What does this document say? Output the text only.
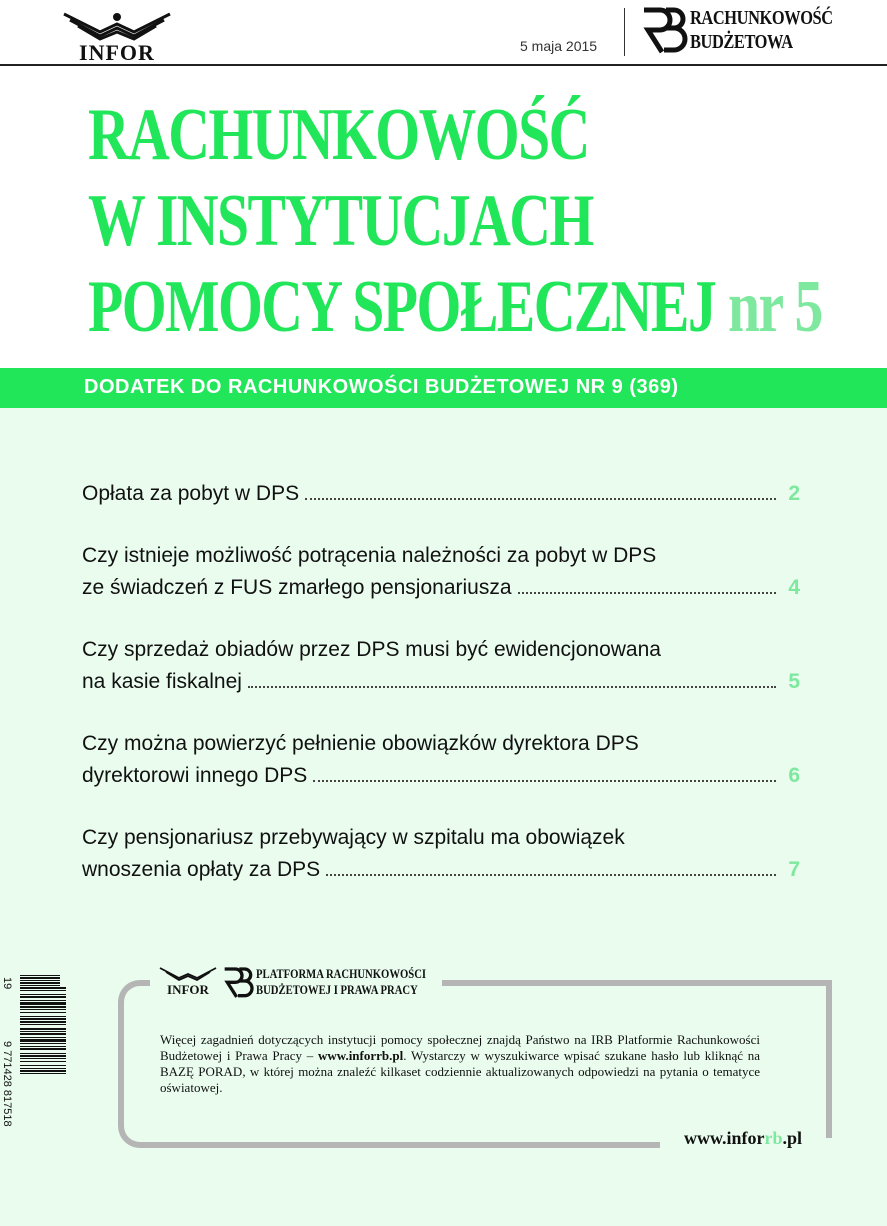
INFOR	5 maja 2015
RACHUNKOWOŚĆ
BUDŻETOWA
RACHUNKOWOŚĆ
W INSTYTUCJACH
POMOCY SPOŁECZNEJ nr 5
DODATEK DO RACHUNKOWOŚCI BUDŻETOWEJ NR 9 (369)
Opłata za pobyt w DPS	2
Czy istnieje możliwość potrącenia należności za pobyt w DPS
ze świadczeń z FUS zmarłego pensjonariusza	4
Czy sprzedaż obiadów przez DPS musi być ewidencjonowana
na kasie fiskalnej	5
Czy można powierzyć pełnienie obowiązków dyrektora DPS
dyrektorowi innego DPS	6
Czy pensjonariusz przebywający w szpitalu ma obowiązek
wnoszenia opłaty za DPS	7
9 771428 817518
19	INFOR
PLATFORMA RACHUNKOWOŚCI
BUDŻETOWEJ I PRAWA PRACY
Więcej zagadnień dotyczących instytucji pomocy społecznej znajdą Państwo na IRB Platformie Rachunkowości Budżetowej i Prawa Pracy – www.inforrb.pl. Wystarczy w wyszukiwarce wpisać szukane hasło lub kliknąć na BAZĘ PORAD, w której można znaleźć kilkaset codziennie aktualizowanych odpowiedzi na pytania o tematyce oświatowej.
www.inforrb.pl
